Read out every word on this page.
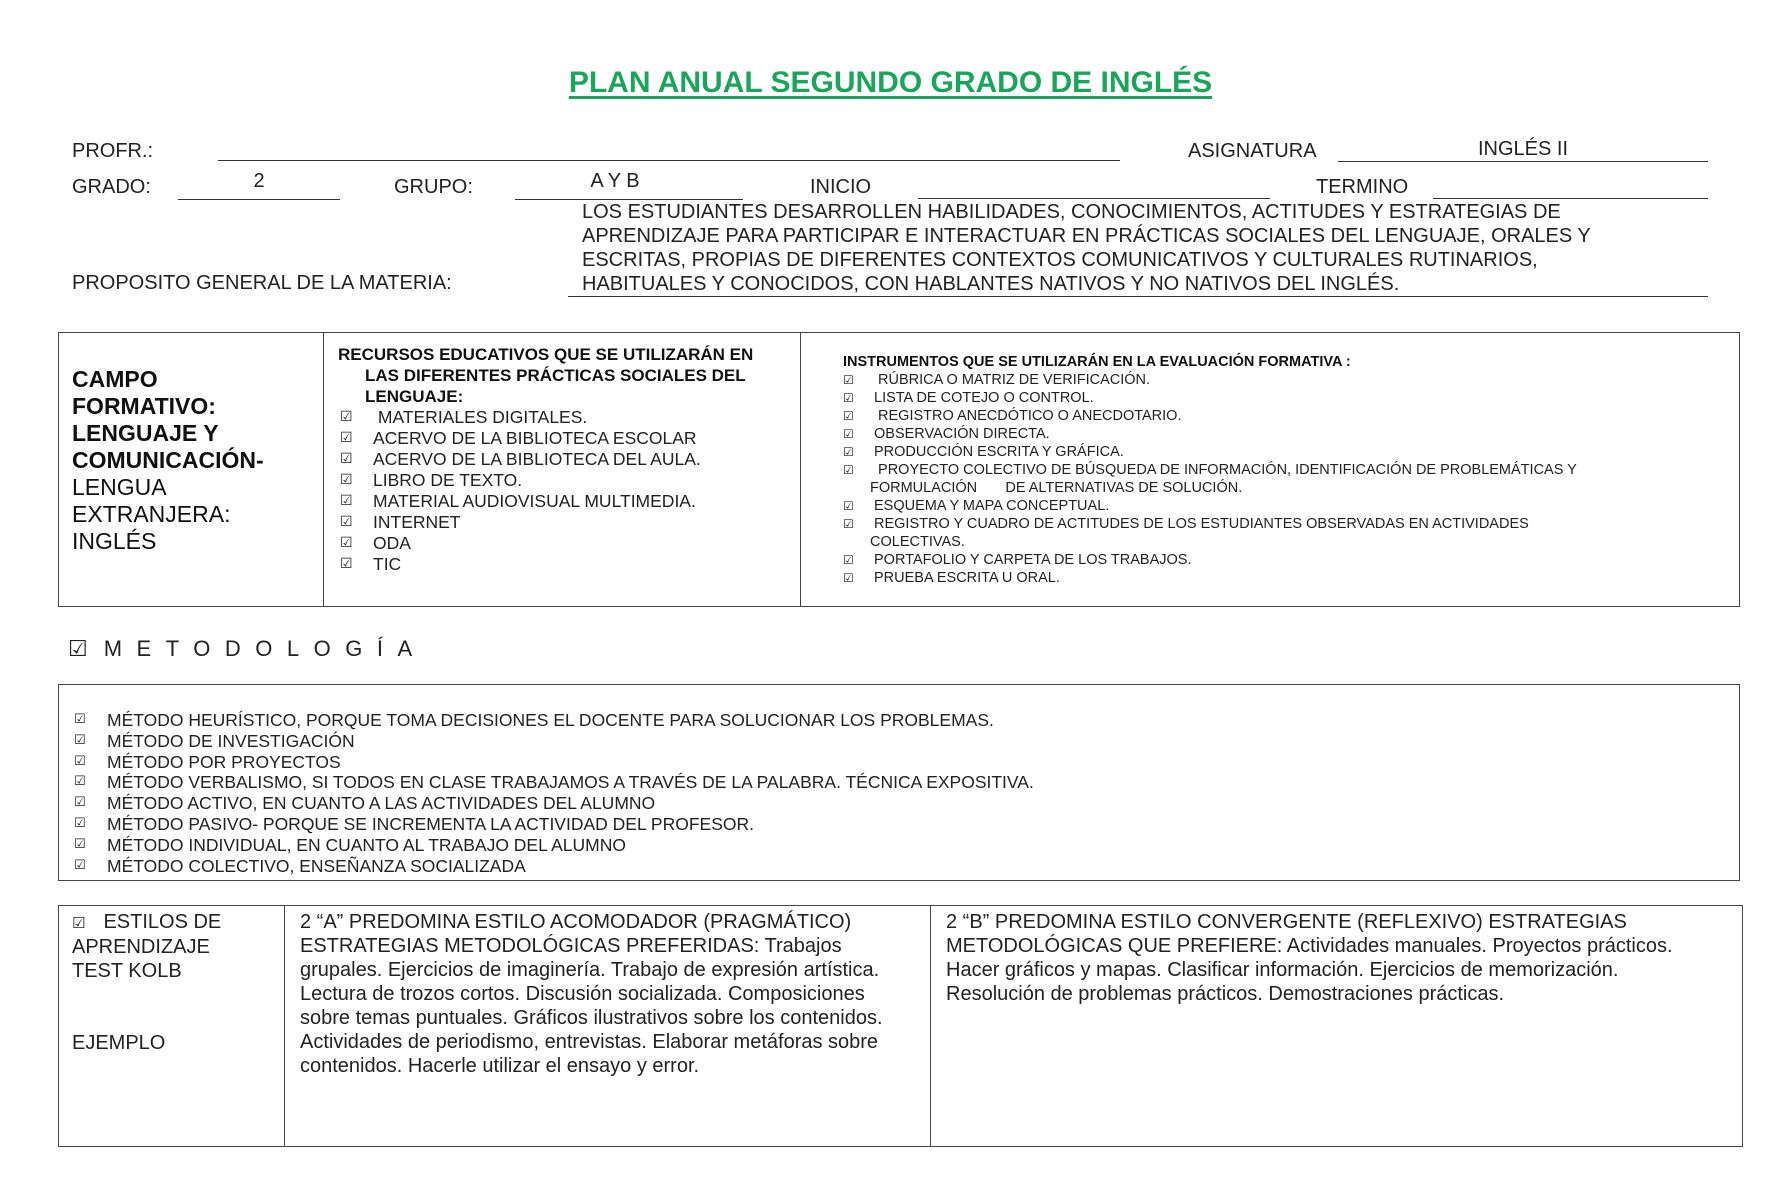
PLAN ANUAL SEGUNDO GRADO DE INGLÉS
PROFR.:	ASIGNATURA	INGLÉS II
GRADO:	2	GRUPO:	A Y B	INICIO	TERMINO
PROPOSITO GENERAL DE LA MATERIA:
LOS ESTUDIANTES DESARROLLEN HABILIDADES, CONOCIMIENTOS, ACTITUDES Y ESTRATEGIAS DE
APRENDIZAJE PARA PARTICIPAR E INTERACTUAR EN PRÁCTICAS SOCIALES DEL LENGUAJE, ORALES Y
ESCRITAS, PROPIAS DE DIFERENTES CONTEXTOS COMUNICATIVOS Y CULTURALES RUTINARIOS,
HABITUALES Y CONOCIDOS, CON HABLANTES NATIVOS Y NO NATIVOS DEL INGLÉS.
CAMPO
FORMATIVO:
LENGUAJE Y
COMUNICACIÓN-
LENGUA
EXTRANJERA:
INGLÉS
RECURSOS EDUCATIVOS QUE SE UTILIZARÁN EN
LAS DIFERENTES PRÁCTICAS SOCIALES DEL
LENGUAJE:
☑	MATERIALES DIGITALES.
☑	ACERVO DE LA BIBLIOTECA ESCOLAR
☑	ACERVO DE LA BIBLIOTECA DEL AULA.
☑	LIBRO DE TEXTO.
☑	MATERIAL AUDIOVISUAL MULTIMEDIA.
☑	INTERNET
☑	ODA
☑	TIC
INSTRUMENTOS QUE SE UTILIZARÁN EN LA EVALUACIÓN FORMATIVA :
☑	RÚBRICA O MATRIZ DE VERIFICACIÓN.
☑	LISTA DE COTEJO O CONTROL.
☑	REGISTRO ANECDÓTICO O ANECDOTARIO.
☑	OBSERVACIÓN DIRECTA.
☑	PRODUCCIÓN ESCRITA Y GRÁFICA.
☑	PROYECTO COLECTIVO DE BÚSQUEDA DE INFORMACIÓN, IDENTIFICACIÓN DE PROBLEMÁTICAS Y
FORMULACIÓN       DE ALTERNATIVAS DE SOLUCIÓN.
☑	ESQUEMA Y MAPA CONCEPTUAL.
☑	REGISTRO Y CUADRO DE ACTITUDES DE LOS ESTUDIANTES OBSERVADAS EN ACTIVIDADES
COLECTIVAS.
☑	PORTAFOLIO Y CARPETA DE LOS TRABAJOS.
☑	PRUEBA ESCRITA U ORAL.
☑ METODOLOGÍA
☑	MÉTODO HEURÍSTICO, PORQUE TOMA DECISIONES EL DOCENTE PARA SOLUCIONAR LOS PROBLEMAS.
☑	MÉTODO DE INVESTIGACIÓN
☑	MÉTODO POR PROYECTOS
☑	MÉTODO VERBALISMO, SI TODOS EN CLASE TRABAJAMOS A TRAVÉS DE LA PALABRA. TÉCNICA EXPOSITIVA.
☑	MÉTODO ACTIVO, EN CUANTO A LAS ACTIVIDADES DEL ALUMNO
☑	MÉTODO PASIVO- PORQUE SE INCREMENTA LA ACTIVIDAD DEL PROFESOR.
☑	MÉTODO INDIVIDUAL, EN CUANTO AL TRABAJO DEL ALUMNO
☑	MÉTODO COLECTIVO, ENSEÑANZA SOCIALIZADA
☑ ESTILOS DE
APRENDIZAJE
TEST KOLB
EJEMPLO
2 “A” PREDOMINA ESTILO ACOMODADOR (PRAGMÁTICO)
ESTRATEGIAS METODOLÓGICAS PREFERIDAS: Trabajos
grupales. Ejercicios de imaginería. Trabajo de expresión artística.
Lectura de trozos cortos. Discusión socializada. Composiciones
sobre temas puntuales. Gráficos ilustrativos sobre los contenidos.
Actividades de periodismo, entrevistas. Elaborar metáforas sobre
contenidos. Hacerle utilizar el ensayo y error.
2 “B” PREDOMINA ESTILO CONVERGENTE (REFLEXIVO) ESTRATEGIAS
METODOLÓGICAS QUE PREFIERE: Actividades manuales. Proyectos prácticos.
Hacer gráficos y mapas. Clasificar información. Ejercicios de memorización.
Resolución de problemas prácticos. Demostraciones prácticas.
